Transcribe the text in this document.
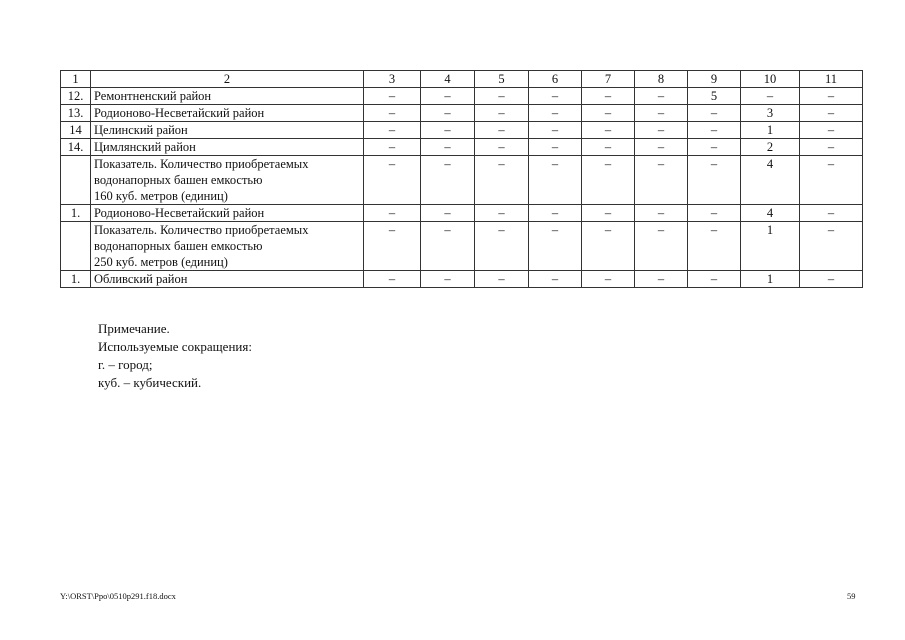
1	2	3	4	5	6	7	8	9	10	11
12.	Ремонтненский район	–	–	–	–	–	–	5	–	–
13.	Родионово-Несветайский район	–	–	–	–	–	–	–	3	–
14	Целинский район	–	–	–	–	–	–	–	1	–
14.	Цимлянский район	–	–	–	–	–	–	–	2	–

	Показатель. Количество приобретаемых
водонапорных башен емкостью
160 куб. метров (единиц)	–	–	–	–	–	–	–	4	–
1.	Родионово-Несветайский район	–	–	–	–	–	–	–	4	–

	Показатель. Количество приобретаемых
водонапорных башен емкостью
250 куб. метров (единиц)	–	–	–	–	–	–	–	1	–
1.	Обливский район	–	–	–	–	–	–	–	1	–
Примечание.
Используемые сокращения:
г. – город;
куб. – кубический.
Y:\ORST\Ppo\0510p291.f18.docx	59
